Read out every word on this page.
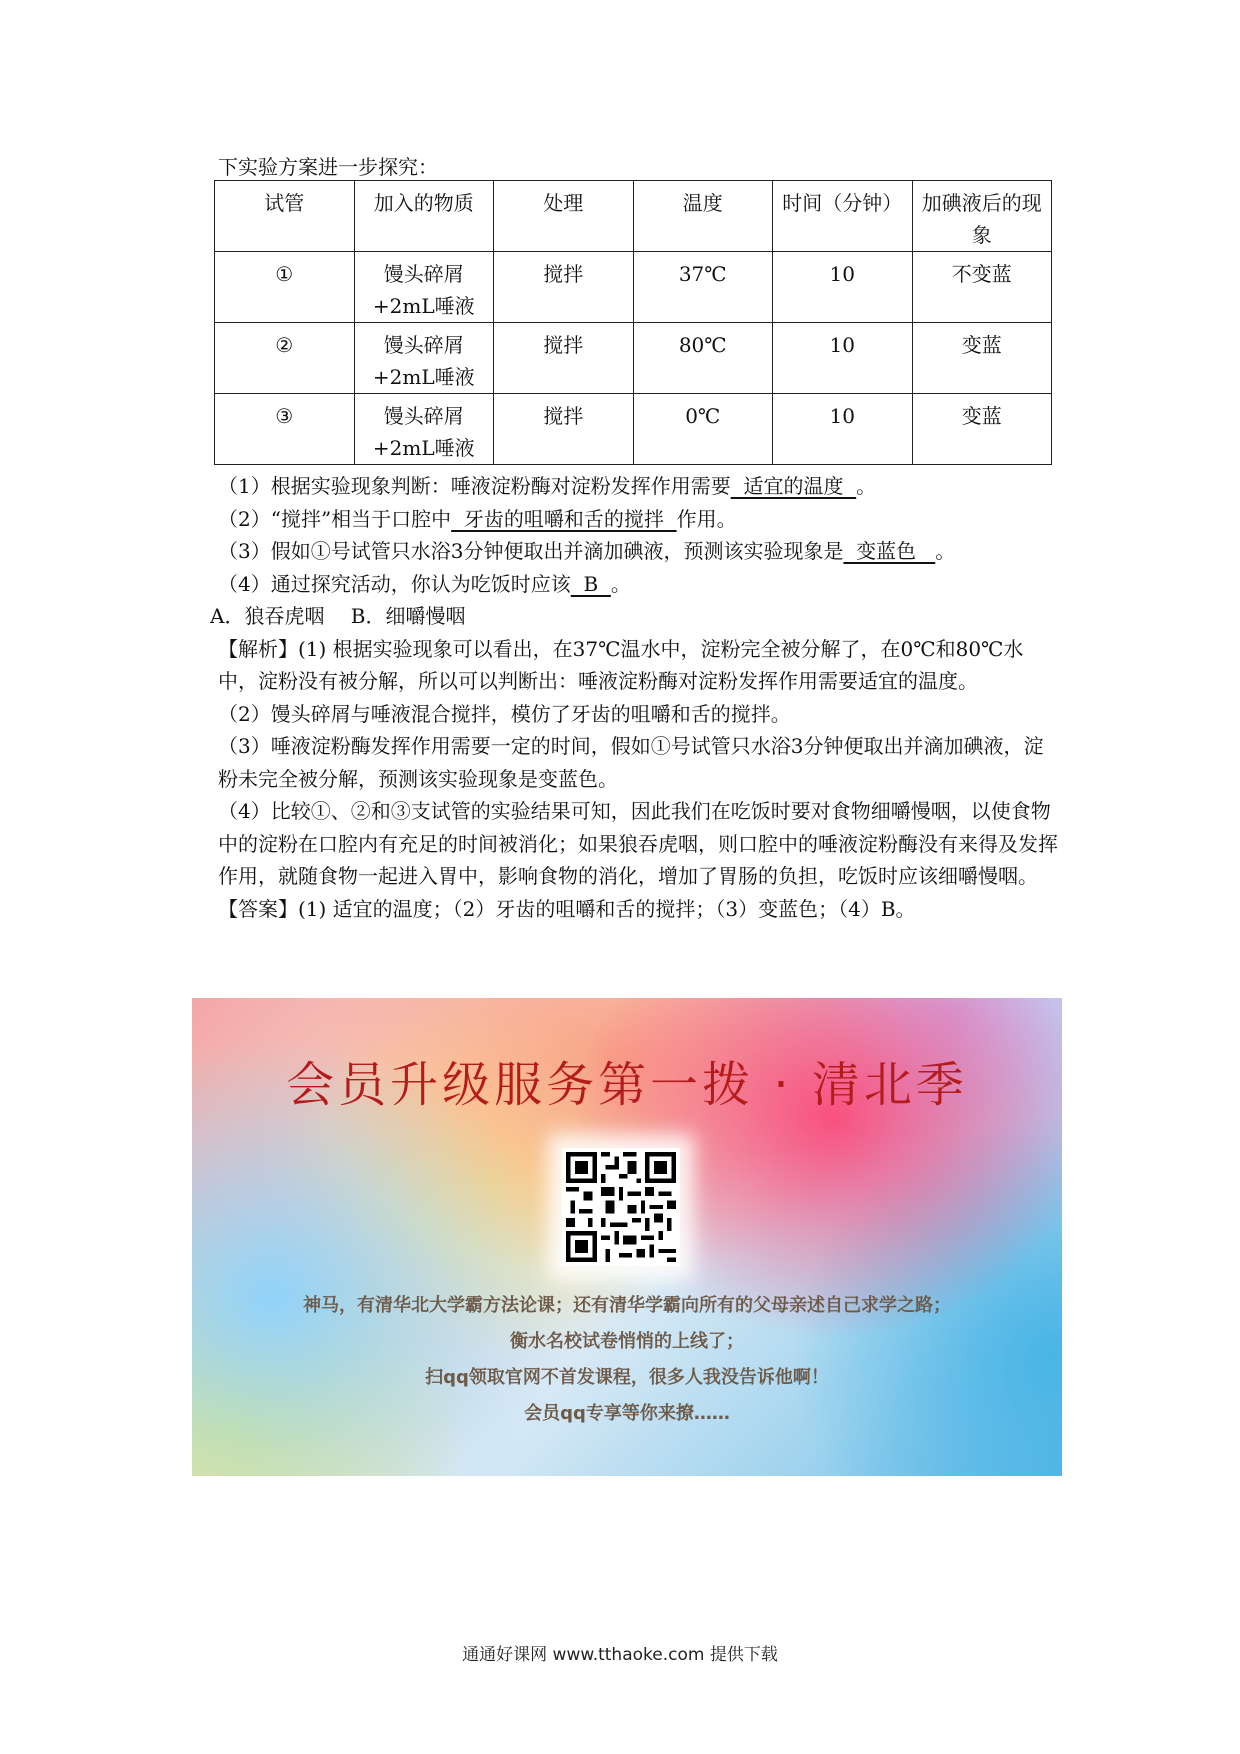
下实验方案进一步探究：
试管	加入的物质	处理	温度	时间（分钟）	加碘液后的现象
①	馒头碎屑+2mL唾液	搅拌	37℃	10	不变蓝
②	馒头碎屑+2mL唾液	搅拌	80℃	10	变蓝
③	馒头碎屑+2mL唾液	搅拌	0℃	10	变蓝

（1）根据实验现象判断：唾液淀粉酶对淀粉发挥作用需要  适宜的温度  。

（2）“搅拌”相当于口腔中  牙齿的咀嚼和舌的搅拌  作用。

（3）假如①号试管只水浴3分钟便取出并滴加碘液，预测该实验现象是  变蓝色   。

（4）通过探究活动，你认为吃饭时应该  B  。

A．狼吞虎咽　 B．细嚼慢咽

【解析】(1) 根据实验现象可以看出，在37℃温水中，淀粉完全被分解了，在0℃和80℃水中，淀粉没有被分解，所以可以判断出：唾液淀粉酶对淀粉发挥作用需要适宜的温度。

（2）馒头碎屑与唾液混合搅拌，模仿了牙齿的咀嚼和舌的搅拌。

（3）唾液淀粉酶发挥作用需要一定的时间，假如①号试管只水浴3分钟便取出并滴加碘液，淀粉未完全被分解，预测该实验现象是变蓝色。

（4）比较①、②和③支试管的实验结果可知，因此我们在吃饭时要对食物细嚼慢咽，以使食物中的淀粉在口腔内有充足的时间被消化；如果狼吞虎咽，则口腔中的唾液淀粉酶没有来得及发挥作用，就随食物一起进入胃中，影响食物的消化，增加了胃肠的负担，吃饭时应该细嚼慢咽。

【答案】(1) 适宜的温度；（2）牙齿的咀嚼和舌的搅拌；（3）变蓝色；（4）B。

会员升级服务第一拨 · 清北季
神马，有清华北大学霸方法论课；还有清华学霸向所有的父母亲述自己求学之路；
衡水名校试卷悄悄的上线了；
扫qq领取官网不首发课程，很多人我没告诉他啊！
会员qq专享等你来撩……
通通好课网 www.tthaoke.com 提供下载
